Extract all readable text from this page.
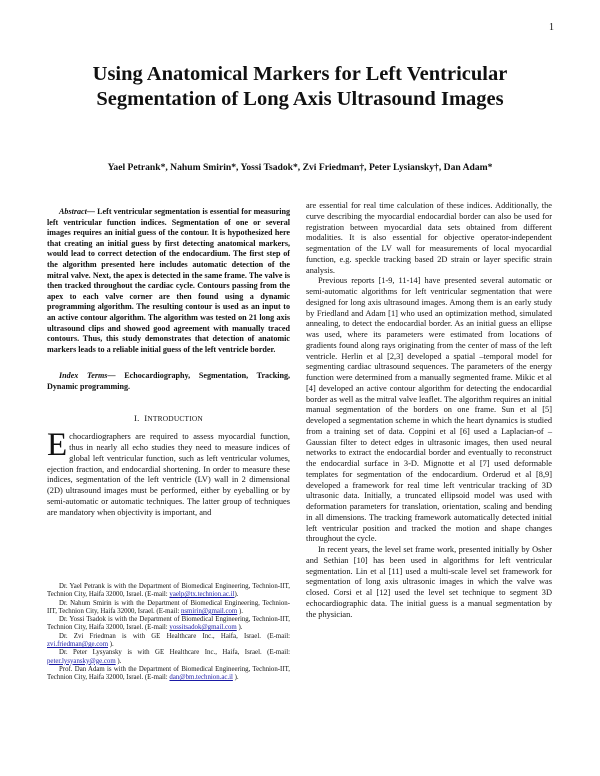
1
Using Anatomical Markers for Left Ventricular Segmentation of Long Axis Ultrasound Images
Yael Petrank*, Nahum Smirin*, Yossi Tsadok*, Zvi Friedman†, Peter Lysiansky†, Dan Adam*

Abstract— Left ventricular segmentation is essential for measuring left ventricular function indices. Segmentation of one or several images requires an initial guess of the contour. It is hypothesized here that creating an initial guess by first detecting anatomical markers, would lead to correct detection of the endocardium. The first step of the algorithm presented here includes automatic detection of the mitral valve. Next, the apex is detected in the same frame. The valve is then tracked throughout the cardiac cycle. Contours passing from the apex to each valve corner are then found using a dynamic programming algorithm. The resulting contour is used as an input to an active contour algorithm. The algorithm was tested on 21 long axis ultrasound clips and showed good agreement with manually traced contours. Thus, this study demonstrates that detection of anatomic markers leads to a reliable initial guess of the left ventricle border.

Index Terms— Echocardiography, Segmentation, Tracking, Dynamic programming.

I. INTRODUCTION

Echocardiographers are required to assess myocardial function, thus in nearly all echo studies they need to measure indices of global left ventricular function, such as left ventricular volumes, ejection fraction, and endocardial shortening. In order to measure these indices, segmentation of the left ventricle (LV) wall in 2 dimensional (2D) ultrasound images must be performed, either by eyeballing or by semi-automatic or automatic techniques. The latter group of techniques are mandatory when objectivity is important, and

Dr. Yael Petrank is with the Department of Biomedical Engineering, Technion-IIT, Technion City, Haifa 32000, Israel. (E-mail: yaelp@tx.technion.ac.il).

Dr. Nahum Smirin is with the Department of Biomedical Engineering, Technion-IIT, Technion City, Haifa 32000, Israel. (E-mail: nsmirin@gmail.com ).

Dr. Yossi Tsadok is with the Department of Biomedical Engineering, Technion-IIT, Technion City, Haifa 32000, Israel. (E-mail: yossitsadok@gmail.com ).

Dr. Zvi Friedman is with GE Healthcare Inc., Haifa, Israel. (E-mail: zvi.friedman@ge.com ).

Dr. Peter Lysyansky is with GE Healthcare Inc., Haifa, Israel. (E-mail: peter.lysyansky@ge.com ).

Prof. Dan Adam is with the Department of Biomedical Engineering, Technion-IIT, Technion City, Haifa 32000, Israel. (E-mail: dan@bm.technion.ac.il ).

are essential for real time calculation of these indices. Additionally, the curve describing the myocardial endocardial border can also be used for registration between myocardial data sets obtained from different modalities. It is also essential for objective operator-independent segmentation of the LV wall for measurements of local myocardial function, e.g. speckle tracking based 2D strain or layer specific strain analysis.

Previous reports [1-9, 11-14] have presented several automatic or semi-automatic algorithms for left ventricular segmentation that were designed for long axis ultrasound images. Among them is an early study by Friedland and Adam [1] who used an optimization method, simulated annealing, to detect the endocardial border. As an initial guess an ellipse was used, where its parameters were estimated from locations of gradients found along rays originating from the center of mass of the left ventricle. Herlin et al [2,3] developed a spatial –temporal model for segmenting cardiac ultrasound sequences. The parameters of the energy function were determined from a manually segmented frame. Mikic et al [4] developed an active contour algorithm for detecting the endocardial border as well as the mitral valve leaflet. The algorithm requires an initial manual segmentation of the borders on one frame. Sun et al [5] developed a segmentation scheme in which the heart dynamics is studied from a training set of data. Coppini et al [6] used a Laplacian-of –Gaussian filter to detect edges in ultrasonic images, then used neural networks to extract the endocardial border and eventually to reconstruct the endocardial surface in 3-D. Mignotte et al [7] used deformable templates for segmentation of the endocardium. Orderud et al [8,9] developed a framework for real time left ventricular tracking of 3D ultrasonic data. Initially, a truncated ellipsoid model was used with deformation parameters for translation, orientation, scaling and bending in all dimensions. The tracking framework automatically detected initial left ventricular position and tracked the motion and shape changes throughout the cycle.

In recent years, the level set frame work, presented initially by Osher and Sethian [10] has been used in algorithms for left ventricular segmentation. Lin et al [11] used a multi-scale level set framework for segmentation of long axis ultrasonic images in which the valve was closed. Corsi et al [12] used the level set technique to segment 3D echocardiographic data. The initial guess is a manual segmentation by the physician.
